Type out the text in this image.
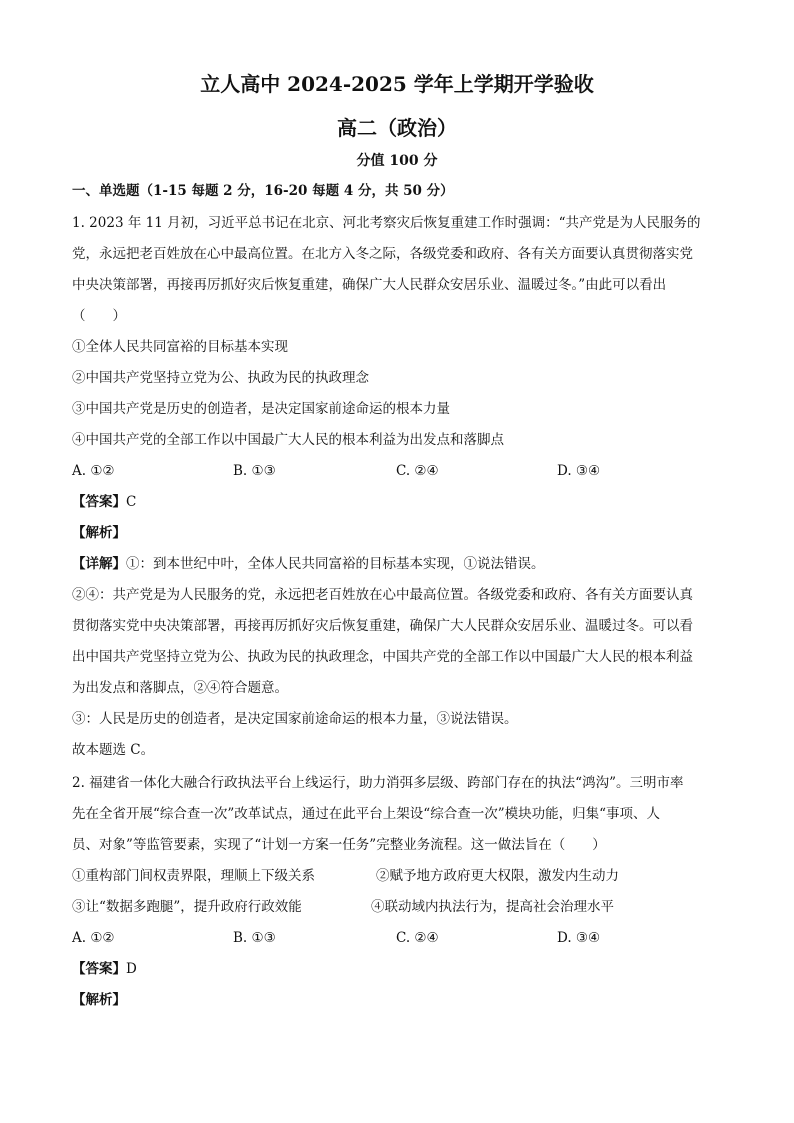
立人高中 2024-2025 学年上学期开学验收
高二（政治）
分值 100 分
一、单选题（1-15 每题 2 分，16-20 每题 4 分，共 50 分）
1. 2023 年 11 月初，习近平总书记在北京、河北考察灾后恢复重建工作时强调：“共产党是为人民服务的
党，永远把老百姓放在心中最高位置。在北方入冬之际，各级党委和政府、各有关方面要认真贯彻落实党
中央决策部署，再接再厉抓好灾后恢复重建，确保广大人民群众安居乐业、温暖过冬。”由此可以看出
（　　）
①全体人民共同富裕的目标基本实现
②中国共产党坚持立党为公、执政为民的执政理念
③中国共产党是历史的创造者，是决定国家前途命运的根本力量
④中国共产党的全部工作以中国最广大人民的根本利益为出发点和落脚点
A. ①②	B. ①③	C. ②④	D. ③④
【答案】C
【解析】
【详解】①：到本世纪中叶，全体人民共同富裕的目标基本实现，①说法错误。
②④：共产党是为人民服务的党，永远把老百姓放在心中最高位置。各级党委和政府、各有关方面要认真
贯彻落实党中央决策部署，再接再厉抓好灾后恢复重建，确保广大人民群众安居乐业、温暖过冬。可以看
出中国共产党坚持立党为公、执政为民的执政理念，中国共产党的全部工作以中国最广大人民的根本利益
为出发点和落脚点，②④符合题意。
③：人民是历史的创造者，是决定国家前途命运的根本力量，③说法错误。
故本题选 C。
2. 福建省一体化大融合行政执法平台上线运行，助力消弭多层级、跨部门存在的执法“鸿沟”。三明市率
先在全省开展“综合查一次”改革试点，通过在此平台上架设“综合查一次”模块功能，归集“事项、人
员、对象”等监管要素，实现了“计划一方案一任务”完整业务流程。这一做法旨在（　　）
①重构部门间权责界限，理顺上下级关系	②赋予地方政府更大权限，激发内生动力
③让“数据多跑腿”，提升政府行政效能	④联动域内执法行为，提高社会治理水平
A. ①②	B. ①③	C. ②④	D. ③④
【答案】D
【解析】
